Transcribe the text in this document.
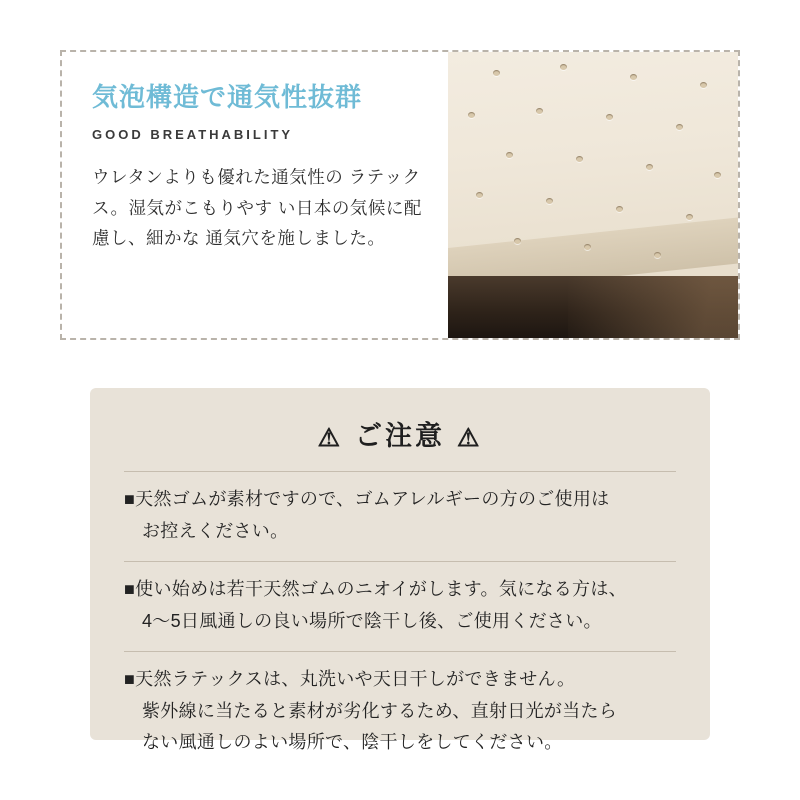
気泡構造で通気性抜群
GOOD BREATHABILITY
ウレタンよりも優れた通気性の ラテックス。湿気がこもりやす い日本の気候に配慮し、細かな 通気穴を施しました。
⚠ ご注意 ⚠
■天然ゴムが素材ですので、ゴムアレルギーの方のご使用は
お控えください。
■使い始めは若干天然ゴムのニオイがします。気になる方は、
4〜5日風通しの良い場所で陰干し後、ご使用ください。
■天然ラテックスは、丸洗いや天日干しができません。
紫外線に当たると素材が劣化するため、直射日光が当たら
ない風通しのよい場所で、陰干しをしてください。
